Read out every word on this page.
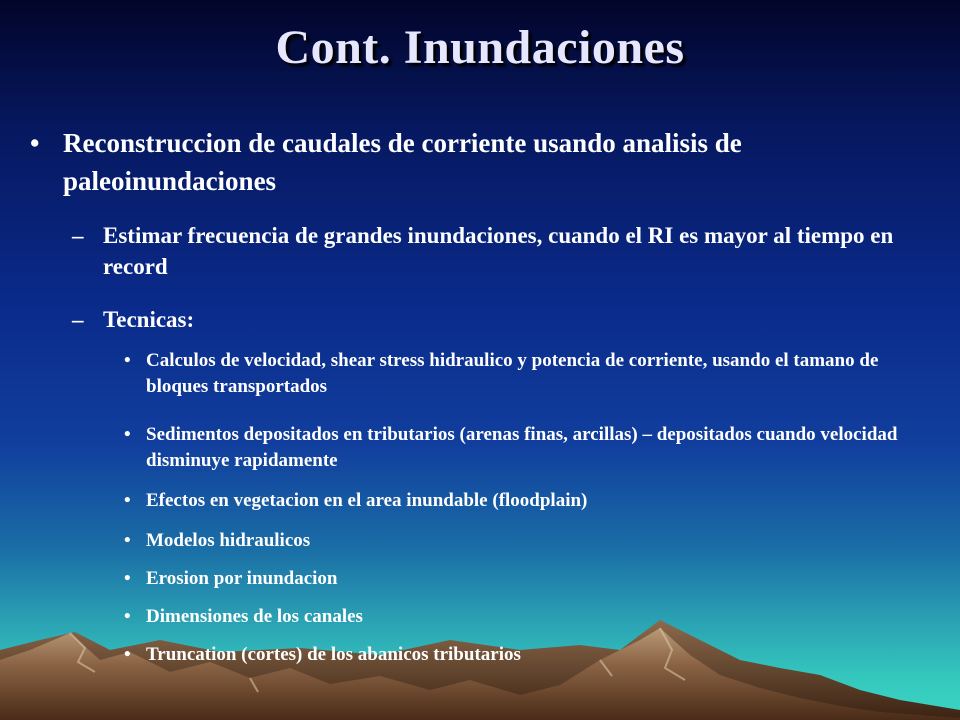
Cont. Inundaciones
• Reconstruccion de caudales de corriente usando analisis de paleoinundaciones
– Estimar frecuencia de grandes inundaciones, cuando el RI es mayor al tiempo en record
– Tecnicas:
• Calculos de velocidad, shear stress hidraulico y potencia de corriente, usando el tamano de bloques transportados
• Sedimentos depositados en tributarios (arenas finas, arcillas) – depositados cuando velocidad disminuye rapidamente
• Efectos en vegetacion en el area inundable (floodplain)
• Modelos hidraulicos
• Erosion por inundacion
• Dimensiones de los canales
• Truncation (cortes) de los abanicos tributarios
